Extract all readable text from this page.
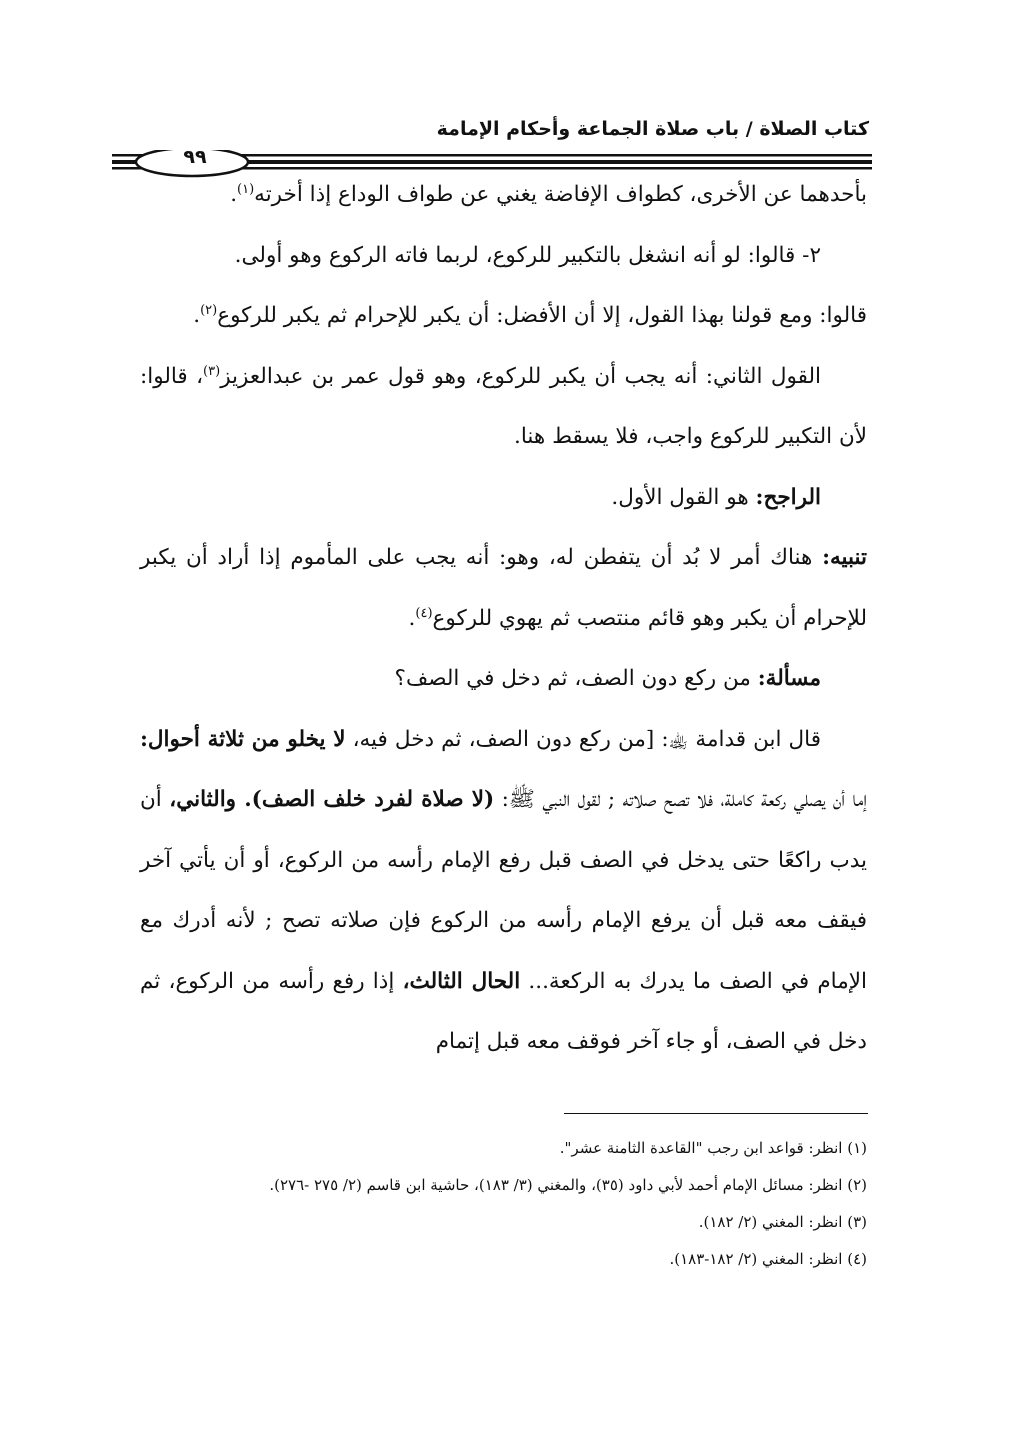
كتاب الصلاة / باب صلاة الجماعة وأحكام الإمامة
٩٩

بأحدهما عن الأخرى، كطواف الإفاضة يغني عن طواف الوداع إذا أخرته$^{(١)}$.

٢- قالوا: لو أنه انشغل بالتكبير للركوع، لربما فاته الركوع وهو أولى.

قالوا: ومع قولنا بهذا القول، إلا أن الأفضل: أن يكبر للإحرام ثم يكبر للركوع$^{(٢)}$.

القول الثاني: أنه يجب أن يكبر للركوع، وهو قول عمر بن عبدالعزيز$^{(٣)}$، قالوا: لأن التكبير للركوع واجب، فلا يسقط هنا.

الراجح: هو القول الأول.

تنبيه: هناك أمر لا بُد أن يتفطن له، وهو: أنه يجب على المأموم إذا أراد أن يكبر للإحرام أن يكبر وهو قائم منتصب ثم يهوي للركوع$^{(٤)}$.

مسألة: من ركع دون الصف، ثم دخل في الصف؟

قال ابن قدامة ﵀: [من ركع دون الصف، ثم دخل فيه، لا يخلو من ثلاثة أحوال: إما أن يصلي ركعة كاملة، فلا تصح صلاته ; لقول النبي ﷺ: (لا صلاة لفرد خلف الصف). والثاني، أن يدب راكعًا حتى يدخل في الصف قبل رفع الإمام رأسه من الركوع، أو أن يأتي آخر فيقف معه قبل أن يرفع الإمام رأسه من الركوع فإن صلاته تصح ; لأنه أدرك مع الإمام في الصف ما يدرك به الركعة... الحال الثالث، إذا رفع رأسه من الركوع، ثم دخل في الصف، أو جاء آخر فوقف معه قبل إتمام

(١) انظر: قواعد ابن رجب "القاعدة الثامنة عشر".
(٢) انظر: مسائل الإمام أحمد لأبي داود (٣٥)، والمغني (٣/ ١٨٣)، حاشية ابن قاسم (٢/ ٢٧٥ -٢٧٦).
(٣) انظر: المغني (٢/ ١٨٢).
(٤) انظر: المغني (٢/ ١٨٢-١٨٣).
